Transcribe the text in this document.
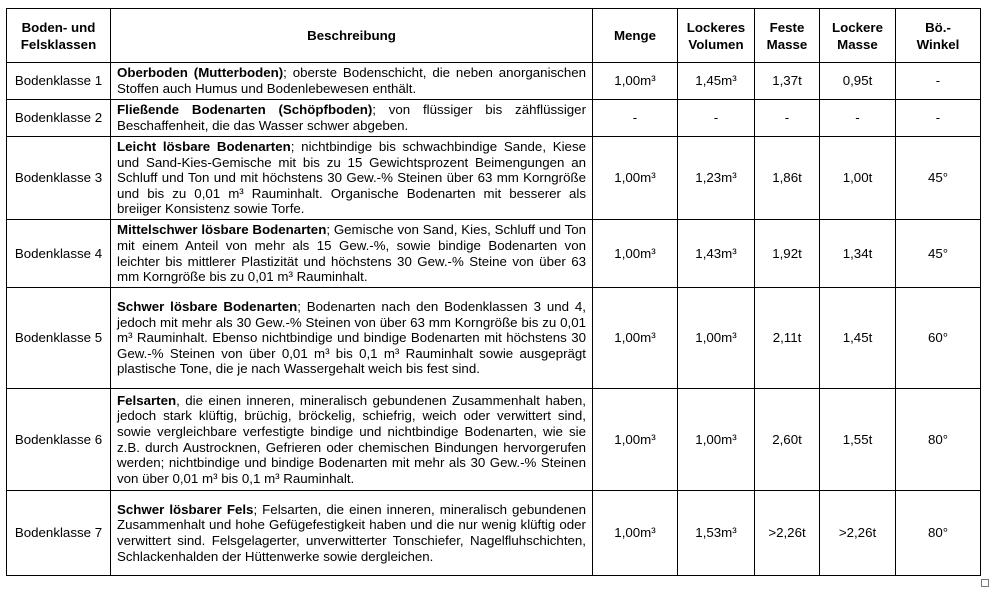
Boden- und Felsklassen	Beschreibung	Menge	Lockeres Volumen	Feste Masse	Lockere Masse	Bö.- Winkel
Bodenklasse 1	Oberboden (Mutterboden); oberste Bodenschicht, die neben anorganischen Stoffen auch Humus und Bodenlebewesen enthält.	1,00m³	1,45m³	1,37t	0,95t	-
Bodenklasse 2	Fließende Bodenarten (Schöpfboden); von flüssiger bis zähflüssiger Beschaffenheit, die das Wasser schwer abgeben.	-	-	-	-	-
Bodenklasse 3	Leicht lösbare Bodenarten; nichtbindige bis schwachbindige Sande, Kiese und Sand-Kies-Gemische mit bis zu 15 Gewichtsprozent Beimengungen an Schluff und Ton und mit höchstens 30 Gew.-% Steinen über 63 mm Korngröße und bis zu 0,01 m³ Rauminhalt. Organische Bodenarten mit besserer als breiiger Konsistenz sowie Torfe.	1,00m³	1,23m³	1,86t	1,00t	45°
Bodenklasse 4	Mittelschwer lösbare Bodenarten; Gemische von Sand, Kies, Schluff und Ton mit einem Anteil von mehr als 15 Gew.-%, sowie bindige Bodenarten von leichter bis mittlerer Plastizität und höchstens 30 Gew.-% Steine von über 63 mm Korngröße bis zu 0,01 m³ Rauminhalt.	1,00m³	1,43m³	1,92t	1,34t	45°
Bodenklasse 5	Schwer lösbare Bodenarten; Bodenarten nach den Bodenklassen 3 und 4, jedoch mit mehr als 30 Gew.-% Steinen von über 63 mm Korngröße bis zu 0,01 m³ Rauminhalt. Ebenso nichtbindige und bindige Bodenarten mit höchstens 30 Gew.-% Steinen von über 0,01 m³ bis 0,1 m³ Rauminhalt sowie ausgeprägt plastische Tone, die je nach Wassergehalt weich bis fest sind.	1,00m³	1,00m³	2,11t	1,45t	60°
Bodenklasse 6	Felsarten, die einen inneren, mineralisch gebundenen Zusammenhalt haben, jedoch stark klüftig, brüchig, bröckelig, schiefrig, weich oder verwittert sind, sowie vergleichbare verfestigte bindige und nichtbindige Bodenarten, wie sie z.B. durch Austrocknen, Gefrieren oder chemischen Bindungen hervorgerufen werden; nichtbindige und bindige Bodenarten mit mehr als 30 Gew.-% Steinen von über 0,01 m³ bis 0,1 m³ Rauminhalt.	1,00m³	1,00m³	2,60t	1,55t	80°
Bodenklasse 7	Schwer lösbarer Fels; Felsarten, die einen inneren, mineralisch gebundenen Zusammenhalt und hohe Gefügefestigkeit haben und die nur wenig klüftig oder verwittert sind. Felsgelagerter, unverwitterter Tonschiefer, Nagelfluhschichten, Schlackenhalden der Hüttenwerke sowie dergleichen.	1,00m³	1,53m³	>2,26t	>2,26t	80°
